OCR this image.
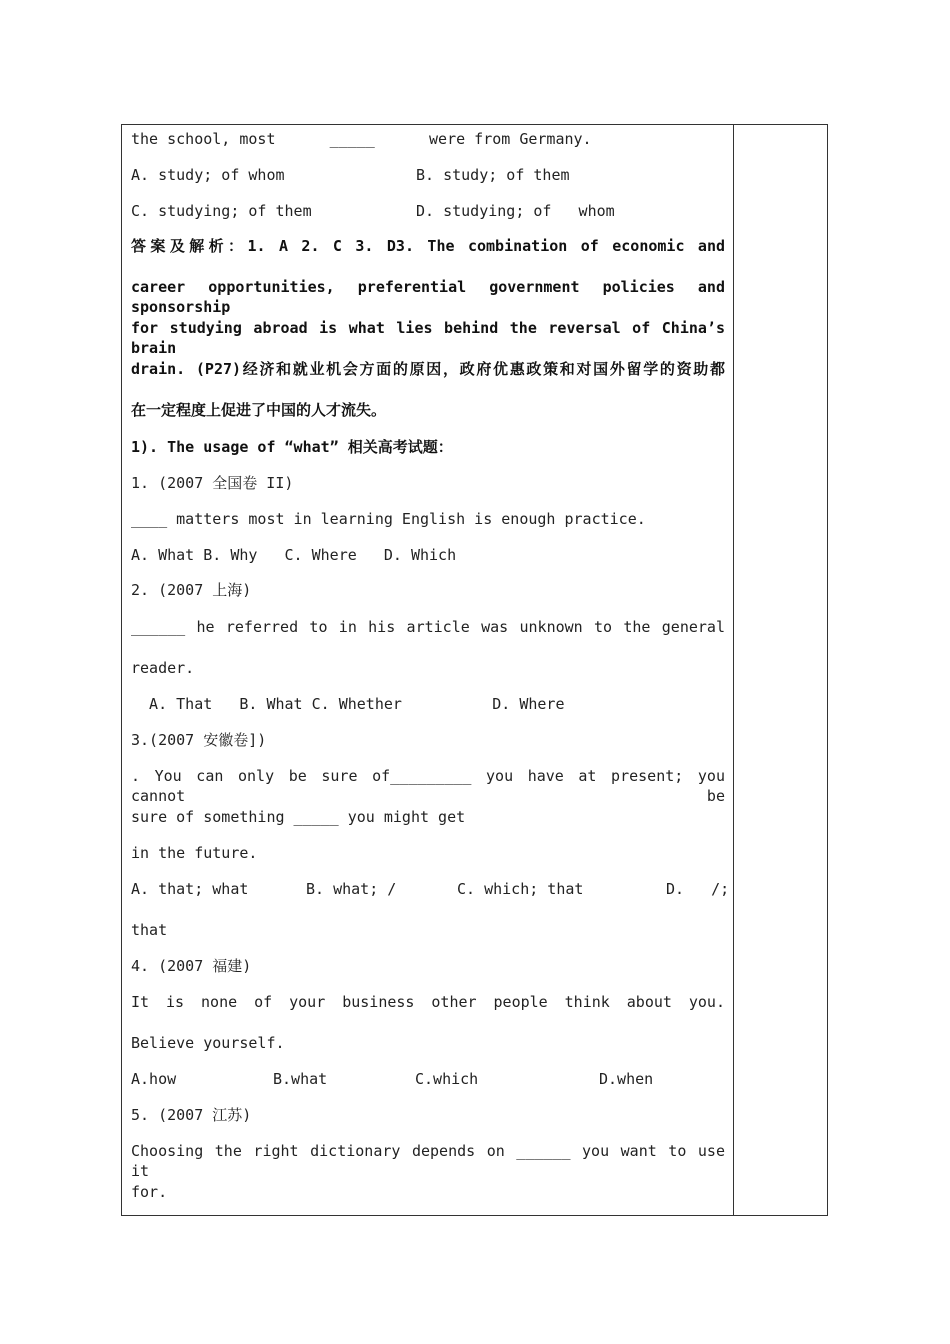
the school, most      _____      were from Germany.

A. study; of whom

	B. study; of them

C. studying; of them

	D. studying; of   whom

答案及解析：1. A 2. C 3. D3. The combination of economic and
career opportunities, preferential government policies and sponsorship
for studying abroad is what lies behind the reversal of China’s brain
drain. (P27)经济和就业机会方面的原因，政府优惠政策和对国外留学的资助都
在一定程度上促进了中国的人才流失。
1). The usage of “what” 相关高考试题：
1. (2007 全国卷 II)
____ matters most in learning English is enough practice.
A. What B. Why   C. Where   D. Which
2. (2007 上海)
______ he referred to in his article was unknown to the general
reader.
A. That   B. What C. Whether          D. Where
3.(2007 安徽卷])
. You can only be sure of_________ you have at present; you cannot be
sure of something _____ you might get
in the future.

A. that; what

	B. what; /

	C. which; that

	D.   /;

that
4. (2007 福建)
It is none of your business other people think about you.
Believe yourself.

A.how

	B.what

	C.which

	D.when

5. (2007 江苏)
Choosing the right dictionary depends on ______ you want to use it
for.
